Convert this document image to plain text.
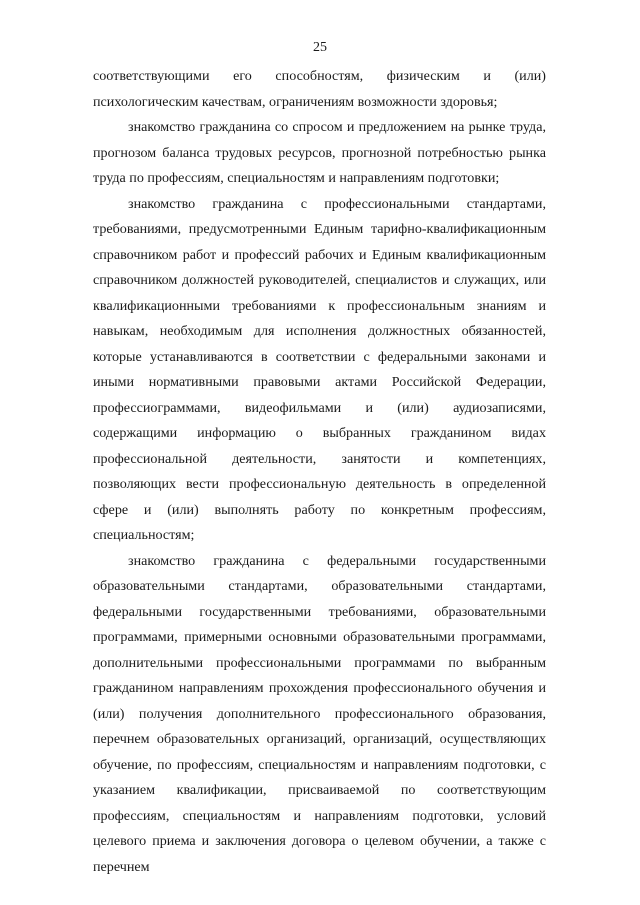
25

соответствующими его способностям, физическим и (или) психологическим качествам, ограничениям возможности здоровья;

знакомство гражданина со спросом и предложением на рынке труда, прогнозом баланса трудовых ресурсов, прогнозной потребностью рынка труда по профессиям, специальностям и направлениям подготовки;

знакомство гражданина с профессиональными стандартами, требованиями, предусмотренными Единым тарифно-квалификационным справочником работ и профессий рабочих и Единым квалификационным справочником должностей руководителей, специалистов и служащих, или квалификационными требованиями к профессиональным знаниям и навыкам, необходимым для исполнения должностных обязанностей, которые устанавливаются в соответствии с федеральными законами и иными нормативными правовыми актами Российской Федерации, профессиограммами, видеофильмами и (или) аудиозаписями, содержащими информацию о выбранных гражданином видах профессиональной деятельности, занятости и компетенциях, позволяющих вести профессиональную деятельность в определенной сфере и (или) выполнять работу по конкретным профессиям, специальностям;

знакомство гражданина с федеральными государственными образовательными стандартами, образовательными стандартами, федеральными государственными требованиями, образовательными программами, примерными основными образовательными программами, дополнительными профессиональными программами по выбранным гражданином направлениям прохождения профессионального обучения и (или) получения дополнительного профессионального образования, перечнем образовательных организаций, организаций, осуществляющих обучение, по профессиям, специальностям и направлениям подготовки, с указанием квалификации, присваиваемой по соответствующим профессиям, специальностям и направлениям подготовки, условий целевого приема и заключения договора о целевом обучении, а также с перечнем
